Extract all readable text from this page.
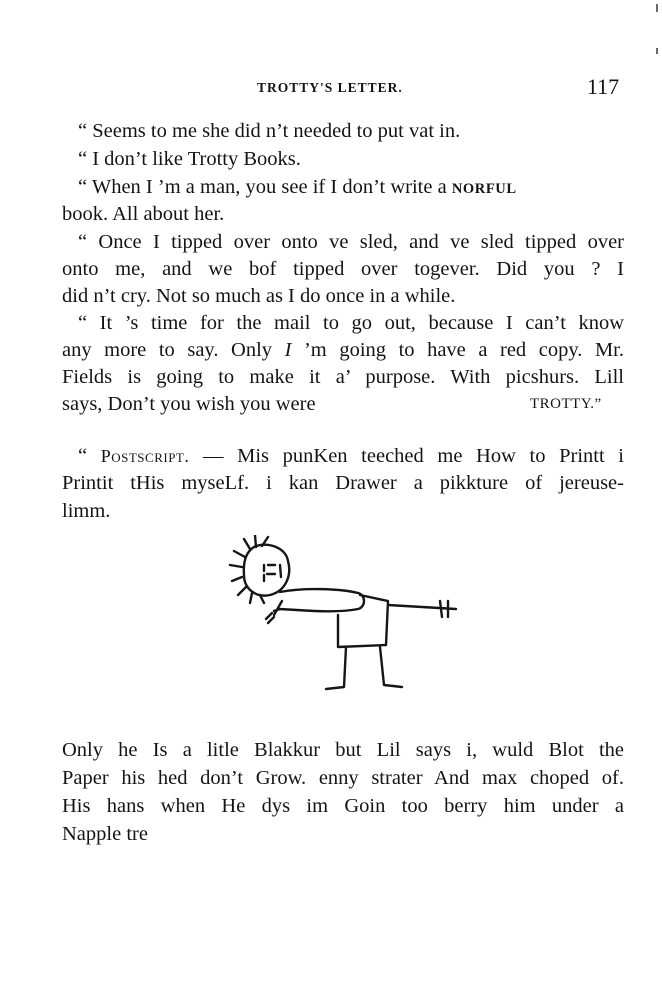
TROTTY'S LETTER.	117
“ Seems to me she did n’t needed to put vat in.
“ I don’t like Trotty Books.
“ When I ’m a man, you see if I don’t write a NORFUL
book. All about her.
“ Once I tipped over onto ve sled, and ve sled tipped over
onto me, and we bof tipped over togever. Did you ? I
did n’t cry. Not so much as I do once in a while.
“ It ’s time for the mail to go out, because I can’t know
any more to say. Only I ’m going to have a red copy. Mr.
Fields is going to make it a’ purpose. With picshurs. Lill
says, Don’t you wish you were	TROTTY.”
“ Postscript. — Mis punKen teeched me How to Printt i
Printit tHis myseLf. i kan Drawer a pikkture of jereuse-
limm.
Only he Is a litle Blakkur but Lil says i, wuld Blot the
Paper his hed don’t Grow. enny strater And max choped of.
His hans when He dys im Goin too berry him under a
Napple tre
